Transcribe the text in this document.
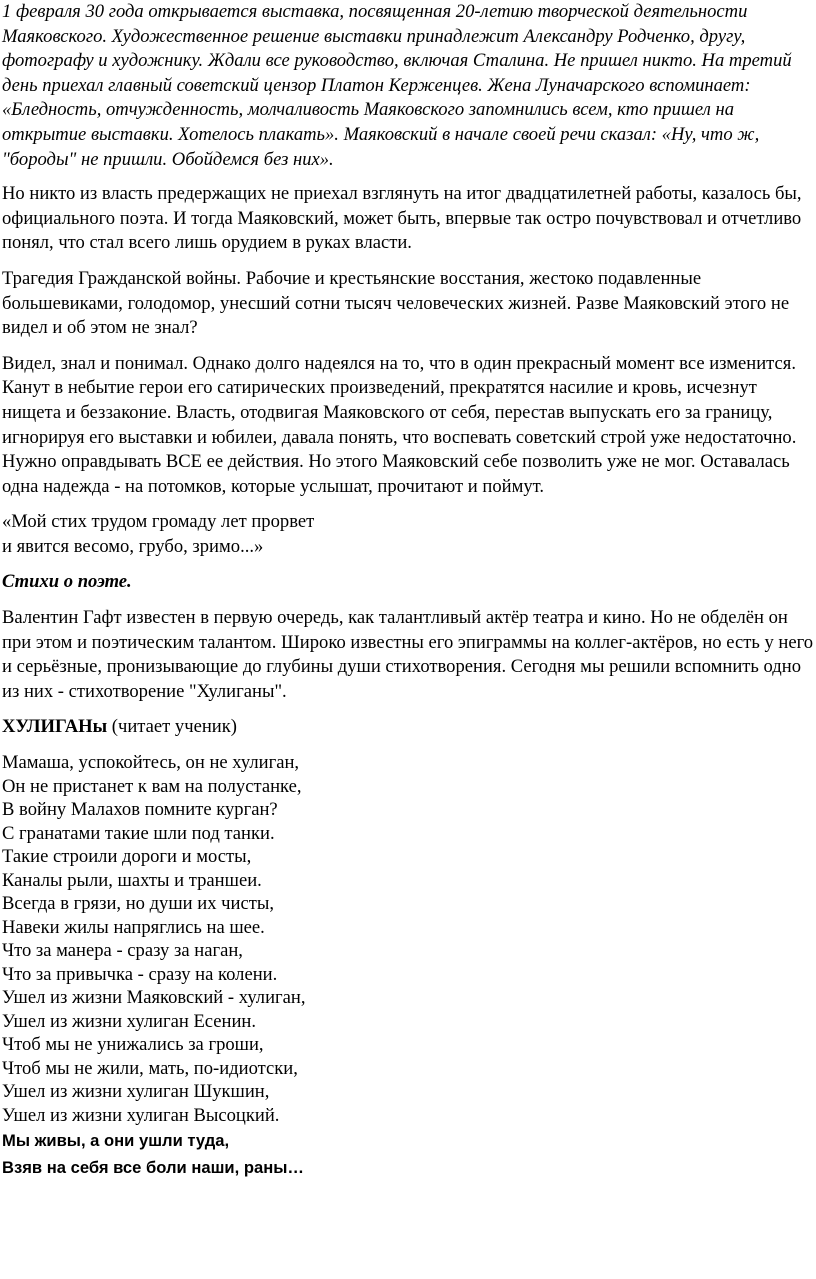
1 февраля 30 года открывается выставка, посвященная 20-летию творческой деятельности Маяковского. Художественное решение выставки принадлежит Александру Родченко, другу, фотографу и художнику. Ждали все руководство, включая Сталина. Не пришел никто. На третий день приехал главный советский цензор Платон Керженцев. Жена Луначарского вспоминает: «Бледность, отчужденность, молчаливость Маяковского запомнились всем, кто пришел на открытие выставки. Хотелось плакать». Маяковский в начале своей речи сказал: «Ну, что ж, "бороды" не пришли. Обойдемся без них».

Но никто из власть предержащих не приехал взглянуть на итог двадцатилетней работы, казалось бы, официального поэта. И тогда Маяковский, может быть, впервые так остро почувствовал и отчетливо понял, что стал всего лишь орудием в руках власти.

Трагедия Гражданской войны. Рабочие и крестьянские восстания, жестоко подавленные большевиками, голодомор, унесший сотни тысяч человеческих жизней. Разве Маяковский этого не видел и об этом не знал?

Видел, знал и понимал. Однако долго надеялся на то, что в один прекрасный момент все изменится. Канут в небытие герои его сатирических произведений, прекратятся насилие и кровь, исчезнут нищета и беззаконие. Власть, отодвигая Маяковского от себя, перестав выпускать его за границу, игнорируя его выставки и юбилеи, давала понять, что воспевать советский строй уже недостаточно. Нужно оправдывать ВСЕ ее действия. Но этого Маяковский себе позволить уже не мог. Оставалась одна надежда - на потомков, которые услышат, прочитают и поймут.

«Мой стих трудом громаду лет прорвет

и явится весомо, грубо, зримо...»

Стихи о поэте.

Валентин Гафт известен в первую очередь, как талантливый актёр театра и кино. Но не обделён он при этом и поэтическим талантом. Широко известны его эпиграммы на коллег-актёров, но есть у него и серьёзные, пронизывающие до глубины души стихотворения. Сегодня мы решили вспомнить одно из них - стихотворение "Хулиганы".

ХУЛИГАНы (читает ученик)

Мамаша, успокойтесь, он не хулиган,
Он не пристанет к вам на полустанке,
В войну Малахов помните курган?
С гранатами такие шли под танки.
Такие строили дороги и мосты,
Каналы рыли, шахты и траншеи.
Всегда в грязи, но души их чисты,
Навеки жилы напряглись на шее.
Что за манера - сразу за наган,
Что за привычка - сразу на колени.
Ушел из жизни Маяковский - хулиган,
Ушел из жизни хулиган Есенин.
Чтоб мы не унижались за гроши,
Чтоб мы не жили, мать, по-идиотски,
Ушел из жизни хулиган Шукшин,
Ушел из жизни хулиган Высоцкий.
Мы живы, а они ушли туда,
Взяв на себя все боли наши, раны…
